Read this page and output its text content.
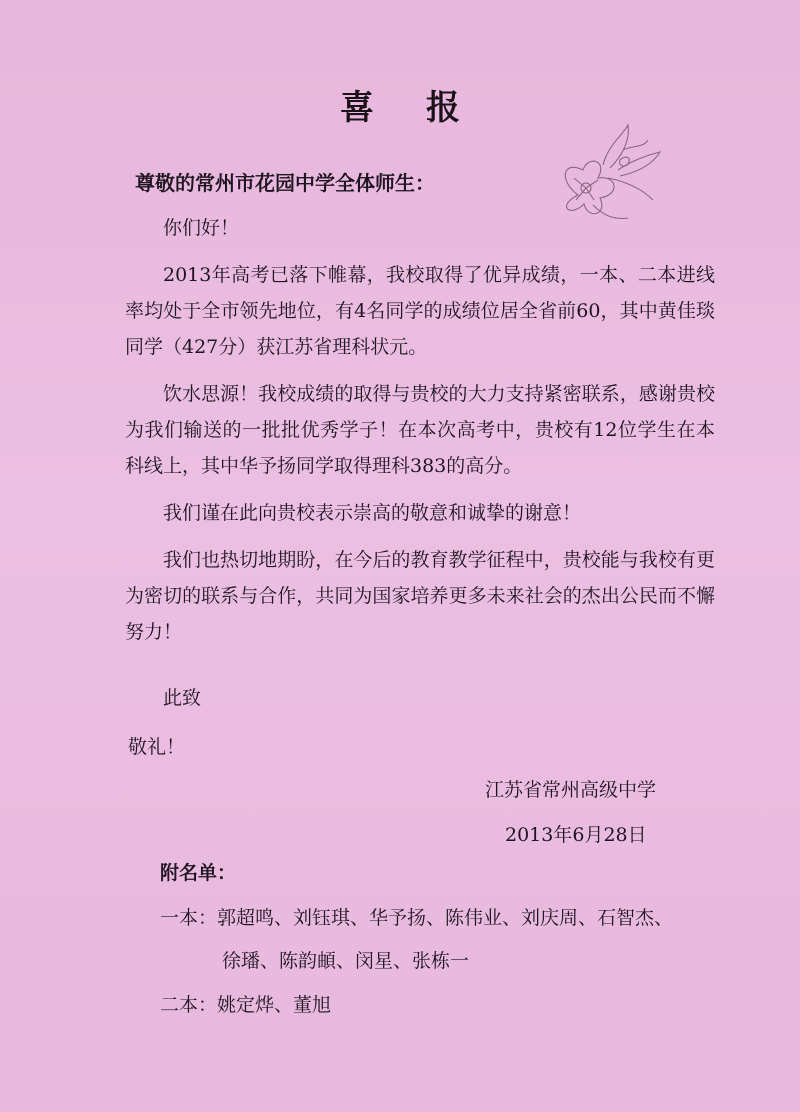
喜报
尊敬的常州市花园中学全体师生：

你们好！

2013年高考已落下帷幕，我校取得了优异成绩，一本、二本进线率均处于全市领先地位，有4名同学的成绩位居全省前60，其中黄佳琰同学（427分）获江苏省理科状元。

饮水思源！我校成绩的取得与贵校的大力支持紧密联系，感谢贵校为我们输送的一批批优秀学子！在本次高考中，贵校有12位学生在本科线上，其中华予扬同学取得理科383的高分。

我们谨在此向贵校表示崇高的敬意和诚挚的谢意！

我们也热切地期盼，在今后的教育教学征程中，贵校能与我校有更为密切的联系与合作，共同为国家培养更多未来社会的杰出公民而不懈努力！

此致
敬礼！
江苏省常州高级中学
2013年6月28日
附名单：
一本：郭超鸣、刘钰琪、华予扬、陈伟业、刘庆周、石智杰、
徐璠、陈韵頔、闵星、张栋一
二本：姚定烨、董旭
